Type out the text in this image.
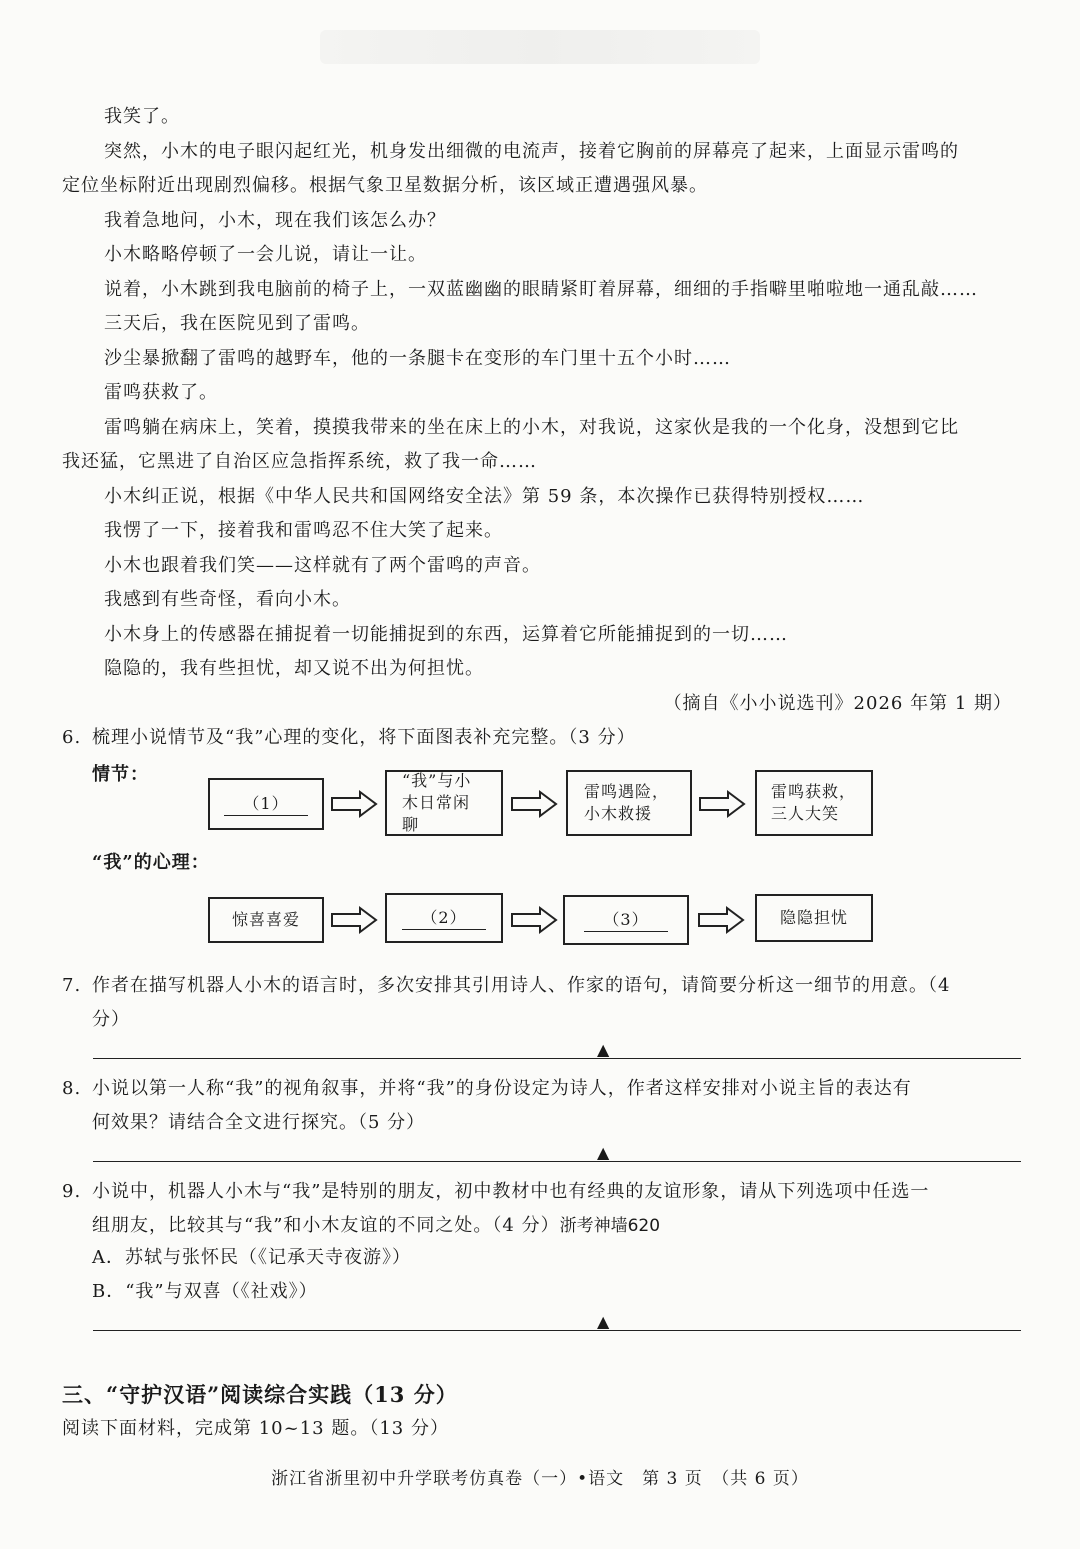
我笑了。
突然，小木的电子眼闪起红光，机身发出细微的电流声，接着它胸前的屏幕亮了起来，上面显示雷鸣的
定位坐标附近出现剧烈偏移。根据气象卫星数据分析，该区域正遭遇强风暴。
我着急地问，小木，现在我们该怎么办？
小木略略停顿了一会儿说，请让一让。
说着，小木跳到我电脑前的椅子上，一双蓝幽幽的眼睛紧盯着屏幕，细细的手指噼里啪啦地一通乱敲……
三天后，我在医院见到了雷鸣。
沙尘暴掀翻了雷鸣的越野车，他的一条腿卡在变形的车门里十五个小时……
雷鸣获救了。
雷鸣躺在病床上，笑着，摸摸我带来的坐在床上的小木，对我说，这家伙是我的一个化身，没想到它比
我还猛，它黑进了自治区应急指挥系统，救了我一命……
小木纠正说，根据《中华人民共和国网络安全法》第 59 条，本次操作已获得特别授权……
我愣了一下，接着我和雷鸣忍不住大笑了起来。
小木也跟着我们笑——这样就有了两个雷鸣的声音。
我感到有些奇怪，看向小木。
小木身上的传感器在捕捉着一切能捕捉到的东西，运算着它所能捕捉到的一切……
隐隐的，我有些担忧，却又说不出为何担忧。
（摘自《小小说选刊》2026 年第 1 期）
6. 梳理小说情节及“我”心理的变化，将下面图表补充完整。（3 分）
情节：
（1）
“我”与小木日常闲聊
雷鸣遇险，小木救援
雷鸣获救，三人大笑
“我”的心理：
惊喜喜爱	（2）	（3）	隐隐担忧
7. 作者在描写机器人小木的语言时，多次安排其引用诗人、作家的语句，请简要分析这一细节的用意。（4
分）
▲
8. 小说以第一人称“我”的视角叙事，并将“我”的身份设定为诗人，作者这样安排对小说主旨的表达有
何效果？请结合全文进行探究。（5 分）
▲
9. 小说中，机器人小木与“我”是特别的朋友，初中教材中也有经典的友谊形象，请从下列选项中任选一
组朋友，比较其与“我”和小木友谊的不同之处。（4 分）浙考神墙620
A．苏轼与张怀民（《记承天寺夜游》）
B．“我”与双喜（《社戏》）
▲
三、“守护汉语”阅读综合实践（13 分）
阅读下面材料，完成第 10~13 题。（13 分）
浙江省浙里初中升学联考仿真卷（一）•语文　第 3 页　（共 6 页）
